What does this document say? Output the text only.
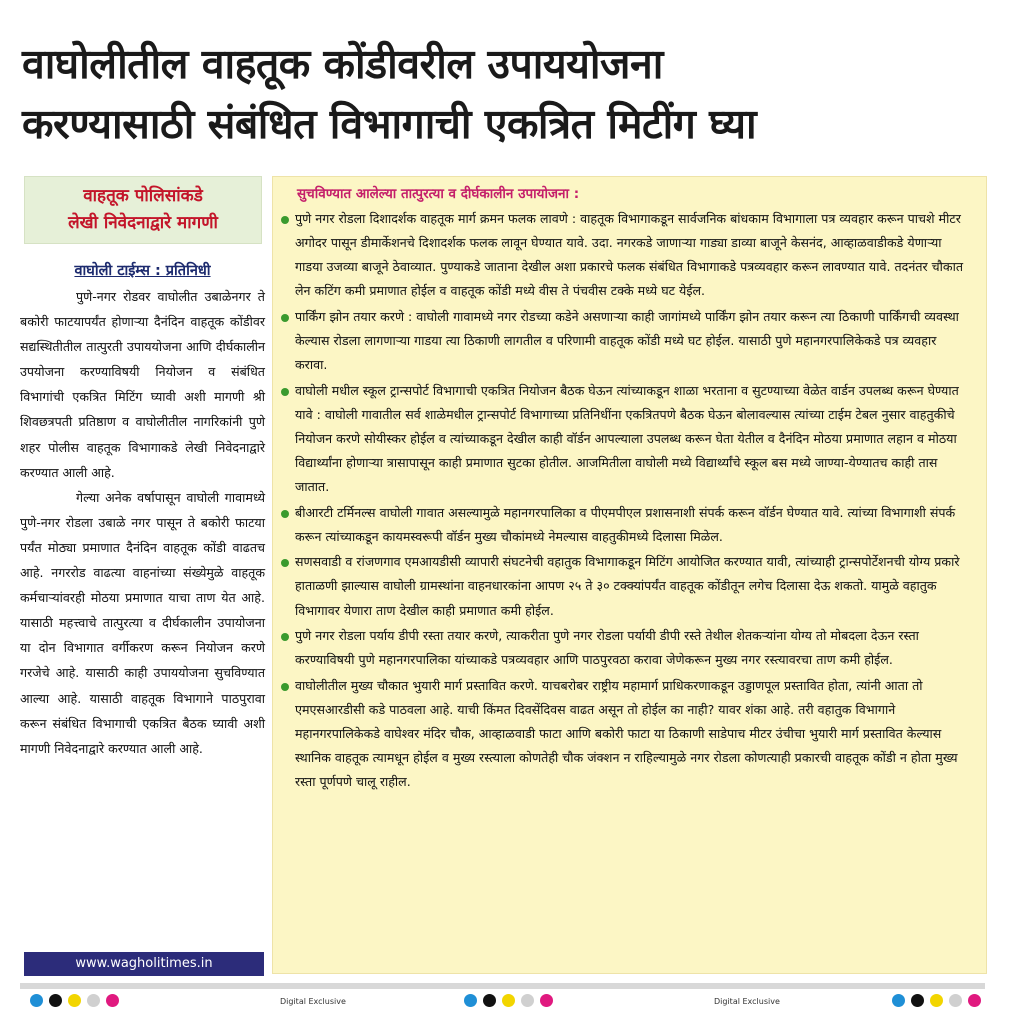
वाघोलीतील वाहतूक कोंडीवरील उपाययोजना
करण्यासाठी संबंधित विभागाची एकत्रित मिटींग घ्या
वाहतूक पोलिसांकडे
लेखी निवेदनाद्वारे मागणी
वाघोली टाईम्स : प्रतिनिधी

पुणे-नगर रोडवर वाघोलीत उबाळेनगर ते बकोरी फाटयापर्यंत होणाऱ्या दैनंदिन वाहतूक कोंडीवर सद्यस्थितीतील तात्पुरती उपाययोजना आणि दीर्घकालीन उपयोजना करण्याविषयी नियोजन व संबंधित विभागांची एकत्रित मिटिंग घ्यावी अशी मागणी श्री शिवछत्रपती प्रतिष्ठाण व वाघोलीतील नागरिकांनी पुणे शहर पोलीस वाहतूक विभागाकडे लेखी निवेदनाद्वारे करण्यात आली आहे.

गेल्या अनेक वर्षापासून वाघोली गावामध्ये पुणे-नगर रोडला उबाळे नगर पासून ते बकोरी फाटया पर्यंत मोठ्या प्रमाणात दैनंदिन वाहतूक कोंडी वाढतच आहे. नगररोड वाढत्या वाहनांच्या संख्येमुळे वाहतूक कर्मचाऱ्यांवरही मोठया प्रमाणात याचा ताण येत आहे. यासाठी महत्त्वाचे तात्पुरत्या व दीर्घकालीन उपायोजना या दोन विभागात वर्गीकरण करून नियोजन करणे गरजेचे आहे. यासाठी काही उपाययोजना सुचविण्यात आल्या आहे. यासाठी वाहतूक विभागाने पाठपुरावा करून संबंधित विभागाची एकत्रित बैठक घ्यावी अशी मागणी निवेदनाद्वारे करण्यात आली आहे.

www.wagholitimes.in
सुचविण्यात आलेल्या तात्पुरत्या व दीर्घकालीन उपायोजना :
पुणे नगर रोडला दिशादर्शक वाहतूक मार्ग क्रमन फलक लावणे : वाहतूक विभागाकडून सार्वजनिक बांधकाम विभागाला पत्र व्यवहार करून पाचशे मीटर अगोदर पासून डीमार्केशनचे दिशादर्शक फलक लावून घेण्यात यावे. उदा. नगरकडे जाणाऱ्या गाड्या डाव्या बाजूने केसनंद, आव्हाळवाडीकडे येणाऱ्या गाडया उजव्या बाजूने ठेवाव्यात. पुण्याकडे जाताना देखील अशा प्रकारचे फलक संबंधित विभागाकडे पत्रव्यवहार करून लावण्यात यावे. तदनंतर चौकात लेन कटिंग कमी प्रमाणात होईल व वाहतूक कोंडी मध्ये वीस ते पंचवीस टक्के मध्ये घट येईल.
पार्किंग झोन तयार करणे : वाघोली गावामध्ये नगर रोडच्या कडेने असणाऱ्या काही जागांमध्ये पार्किंग झोन तयार करून त्या ठिकाणी पार्किंगची व्यवस्था केल्यास रोडला लागणाऱ्या गाडया त्या ठिकाणी लागतील व परिणामी वाहतूक कोंडी मध्ये घट होईल. यासाठी पुणे महानगरपालिकेकडे पत्र व्यवहार करावा.
वाघोली मधील स्कूल ट्रान्सपोर्ट विभागाची एकत्रित नियोजन बैठक घेऊन त्यांच्याकडून शाळा भरताना व सुटण्याच्या वेळेत वार्डन उपलब्ध करून घेण्यात यावे : वाघोली गावातील सर्व शाळेमधील ट्रान्सपोर्ट विभागाच्या प्रतिनिधींना एकत्रितपणे बैठक घेऊन बोलावल्यास त्यांच्या टाईम टेबल नुसार वाहतुकीचे नियोजन करणे सोयीस्कर होईल व त्यांच्याकडून देखील काही वॉर्डन आपल्याला उपलब्ध करून घेता येतील व दैनंदिन मोठया प्रमाणात लहान व मोठया विद्यार्थ्यांना होणाऱ्या त्रासापासून काही प्रमाणात सुटका होतील. आजमितीला वाघोली मध्ये विद्यार्थ्यांचे स्कूल बस मध्ये जाण्या-येण्यातच काही तास जातात.
बीआरटी टर्मिनल्स वाघोली गावात असल्यामुळे महानगरपालिका व पीएमपीएल प्रशासनाशी संपर्क करून वॉर्डन घेण्यात यावे. त्यांच्या विभागाशी संपर्क करून त्यांच्याकडून कायमस्वरूपी वॉर्डन मुख्य चौकांमध्ये नेमल्यास वाहतुकीमध्ये दिलासा मिळेल.
सणसवाडी व रांजणगाव एमआयडीसी व्यापारी संघटनेची वहातुक विभागाकडून मिटिंग आयोजित करण्यात यावी, त्यांच्याही ट्रान्सपोर्टेशनची योग्य प्रकारे हाताळणी झाल्यास वाघोली ग्रामस्थांना वाहनधारकांना आपण २५ ते ३० टक्क्यांपर्यंत वाहतूक कोंडीतून लगेच दिलासा देऊ शकतो. यामुळे वहातुक विभागावर येणारा ताण देखील काही प्रमाणात कमी होईल.
पुणे नगर रोडला पर्याय डीपी रस्ता तयार करणे, त्याकरीता पुणे नगर रोडला पर्यायी डीपी रस्ते तेथील शेतकऱ्यांना योग्य तो मोबदला देऊन रस्ता करण्याविषयी पुणे महानगरपालिका यांच्याकडे पत्रव्यवहार आणि पाठपुरवठा करावा जेणेकरून मुख्य नगर रस्त्यावरचा ताण कमी होईल.
वाघोलीतील मुख्य चौकात भुयारी मार्ग प्रस्तावित करणे. याचबरोबर राष्ट्रीय महामार्ग प्राधिकरणाकडून उड्डाणपूल प्रस्तावित होता, त्यांनी आता तो एमएसआरडीसी कडे पाठवला आहे. याची किंमत दिवसेंदिवस वाढत असून तो होईल का नाही? यावर शंका आहे. तरी वहातुक विभागाने महानगरपालिकेकडे वाघेश्वर मंदिर चौक, आव्हाळवाडी फाटा आणि बकोरी फाटा या ठिकाणी साडेपाच मीटर उंचीचा भुयारी मार्ग प्रस्तावित केल्यास स्थानिक वाहतूक त्यामधून होईल व मुख्य रस्त्याला कोणतेही चौक जंक्शन न राहिल्यामुळे नगर रोडला कोणत्याही प्रकारची वाहतूक कोंडी न होता मुख्य रस्ता पूर्णपणे चालू राहील.
Digital Exclusive	Digital Exclusive
